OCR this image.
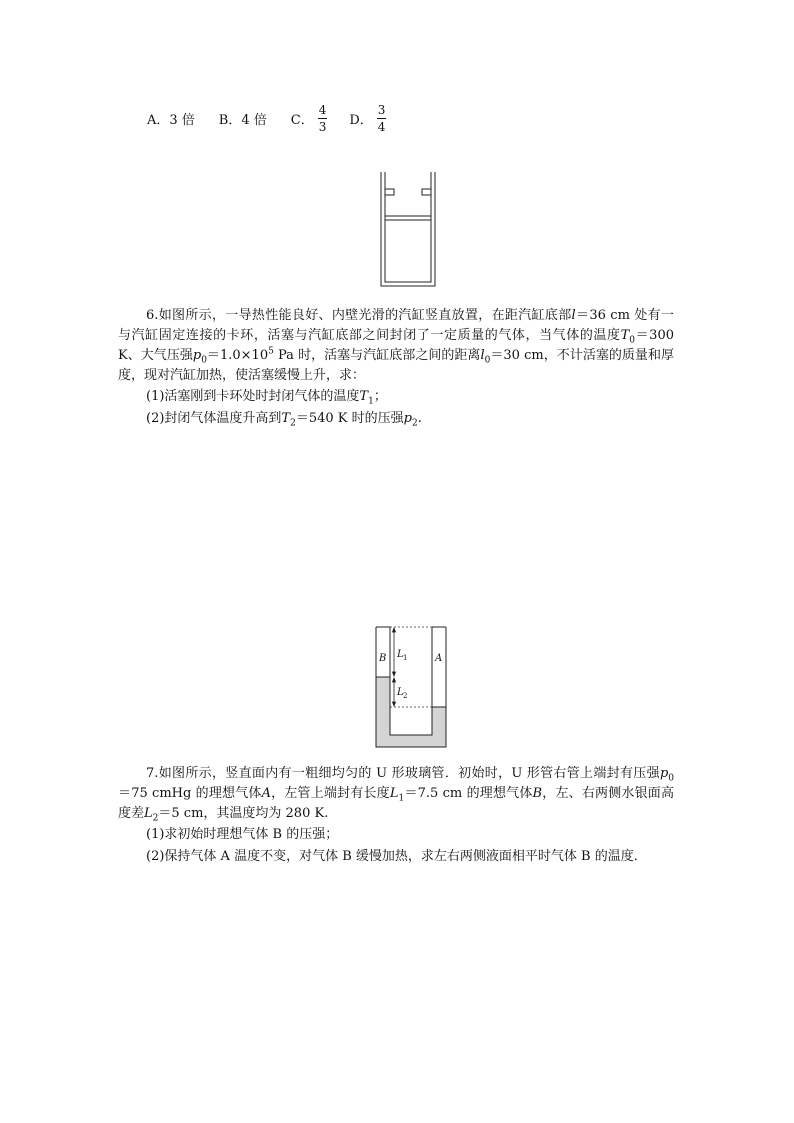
A．3 倍 B．4 倍 C． $\frac{4}{3}$ D． $\frac{3}{4}$
6.如图所示，一导热性能良好、内壁光滑的汽缸竖直放置，在距汽缸底部l＝36 cm 处有一与汽缸固定连接的卡环，活塞与汽缸底部之间封闭了一定质量的气体，当气体的温度$T_0=300$ K、大气压强$p_0=1.0\times 10^5$ Pa 时，活塞与汽缸底部之间的距离$l_0=30$ cm，不计活塞的质量和厚度，现对汽缸加热，使活塞缓慢上升，求：
(1)活塞刚到卡环处时封闭气体的温度$T_1$；
(2)封闭气体温度升高到$T_2=540$ K 时的压强$p_2$.
B	A
L 1
L 2
7.如图所示，竖直面内有一粗细均匀的 U 形玻璃管．初始时，U 形管右管上端封有压强$p_0=75$ cmHg 的理想气体A，左管上端封有长度$L_1=7.5$ cm 的理想气体B，左、右两侧水银面高度差$L_2=5$ cm，其温度均为 280 K.
(1)求初始时理想气体 B 的压强；
(2)保持气体 A 温度不变，对气体 B 缓慢加热，求左右两侧液面相平时气体 B 的温度．
